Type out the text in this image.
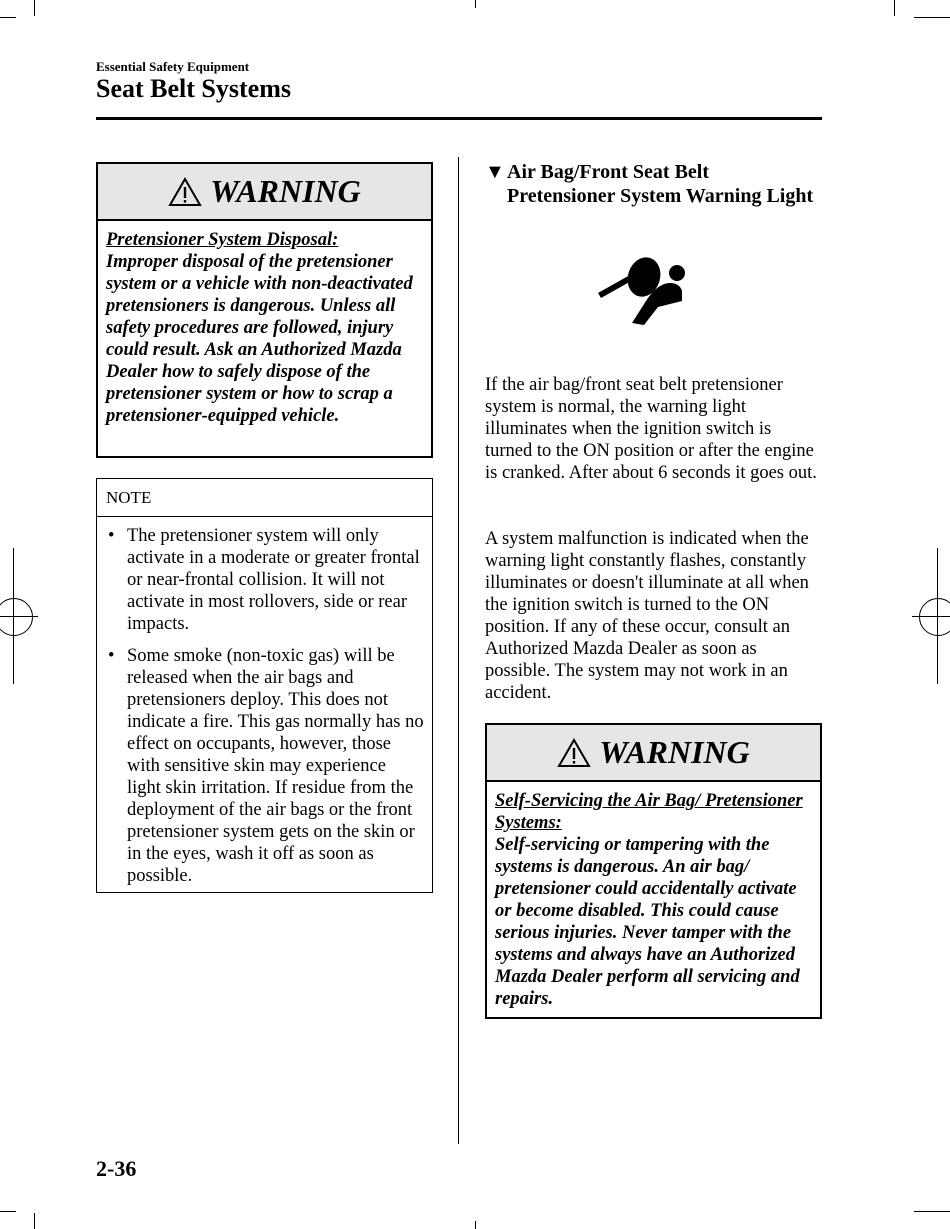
Essential Safety Equipment
Seat Belt Systems
WARNING
Pretensioner System Disposal:
Improper disposal of the pretensioner system or a vehicle with non-deactivated pretensioners is dangerous. Unless all safety procedures are followed, injury could result. Ask an Authorized Mazda Dealer how to safely dispose of the pretensioner system or how to scrap a pretensioner-equipped vehicle.
NOTE
• The pretensioner system will only activate in a moderate or greater frontal or near-frontal collision. It will not activate in most rollovers, side or rear impacts.
• Some smoke (non-toxic gas) will be released when the air bags and pretensioners deploy. This does not indicate a fire. This gas normally has no effect on occupants, however, those with sensitive skin may experience light skin irritation. If residue from the deployment of the air bags or the front pretensioner system gets on the skin or in the eyes, wash it off as soon as possible.
▼ Air Bag/Front Seat Belt
Pretensioner System Warning Light

If the air bag/front seat belt pretensioner system is normal, the warning light illuminates when the ignition switch is turned to the ON position or after the engine is cranked. After about 6 seconds it goes out.

A system malfunction is indicated when the warning light constantly flashes, constantly illuminates or doesn't illuminate at all when the ignition switch is turned to the ON position. If any of these occur, consult an Authorized Mazda Dealer as soon as possible. The system may not work in an accident.

WARNING
Self-Servicing the Air Bag/ Pretensioner Systems:
Self-servicing or tampering with the systems is dangerous. An air bag/ pretensioner could accidentally activate or become disabled. This could cause serious injuries. Never tamper with the systems and always have an Authorized Mazda Dealer perform all servicing and repairs.
2-36
